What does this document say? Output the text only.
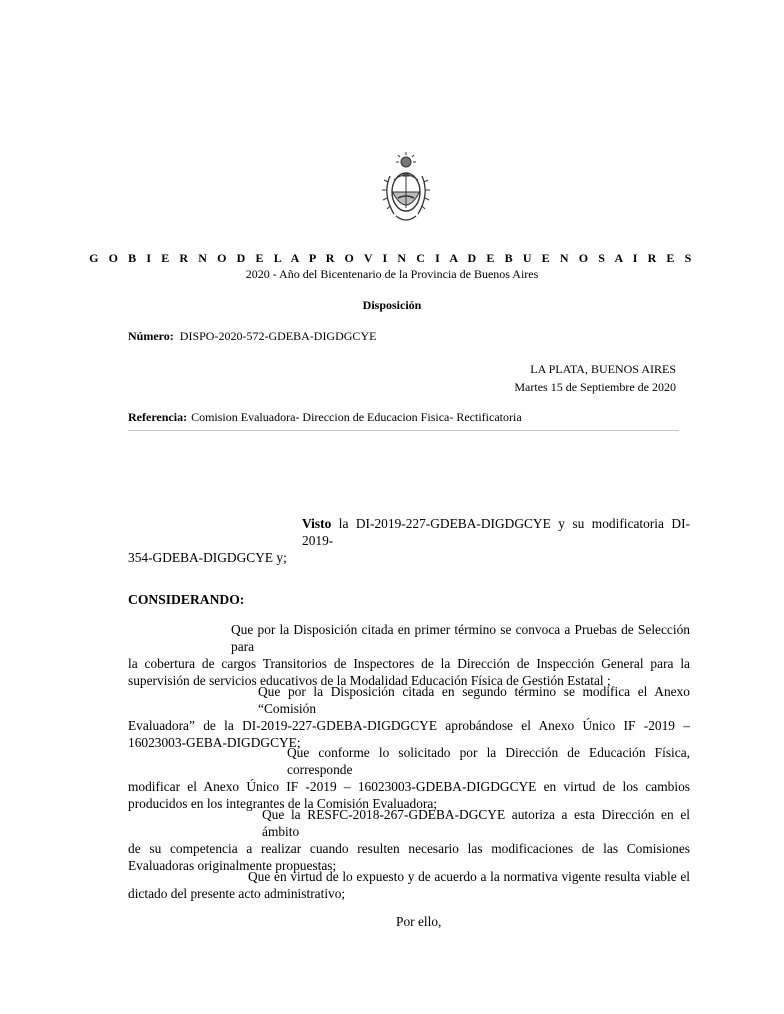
G O B I E R N O D E L A P R O V I N C I A D E B U E N O S A I R E S
2020 - Año del Bicentenario de la Provincia de Buenos Aires
Disposición
Número: DISPO-2020-572-GDEBA-DIGDGCYE
LA PLATA, BUENOS AIRES
Martes 15 de Septiembre de 2020
Referencia: Comision Evaluadora- Direccion de Educacion Fisica- Rectificatoria
Visto la DI-2019-227-GDEBA-DIGDGCYE y su modificatoria DI-2019-
354-GDEBA-DIGDGCYE y;
CONSIDERANDO:
Que por la Disposición citada en primer término se convoca a Pruebas de Selección para
la cobertura de cargos Transitorios de Inspectores de la Dirección de Inspección General para la supervisión de servicios educativos de la Modalidad Educación Física de Gestión Estatal ;
Que por la Disposición citada en segundo término se modifica el Anexo “Comisión
Evaluadora” de la DI-2019-227-GDEBA-DIGDGCYE aprobándose el Anexo Único IF -2019 – 16023003-GEBA-DIGDGCYE;
Que conforme lo solicitado por la Dirección de Educación Física, corresponde
modificar el Anexo Único IF -2019 – 16023003-GDEBA-DIGDGCYE en virtud de los cambios producidos en los integrantes de la Comisión Evaluadora;
Que la RESFC-2018-267-GDEBA-DGCYE autoriza a esta Dirección en el ámbito
de su competencia a realizar cuando resulten necesario las modificaciones de las Comisiones Evaluadoras originalmente propuestas;
Que en virtud de lo expuesto y de acuerdo a la normativa vigente resulta viable el
dictado del presente acto administrativo;
Por ello,
